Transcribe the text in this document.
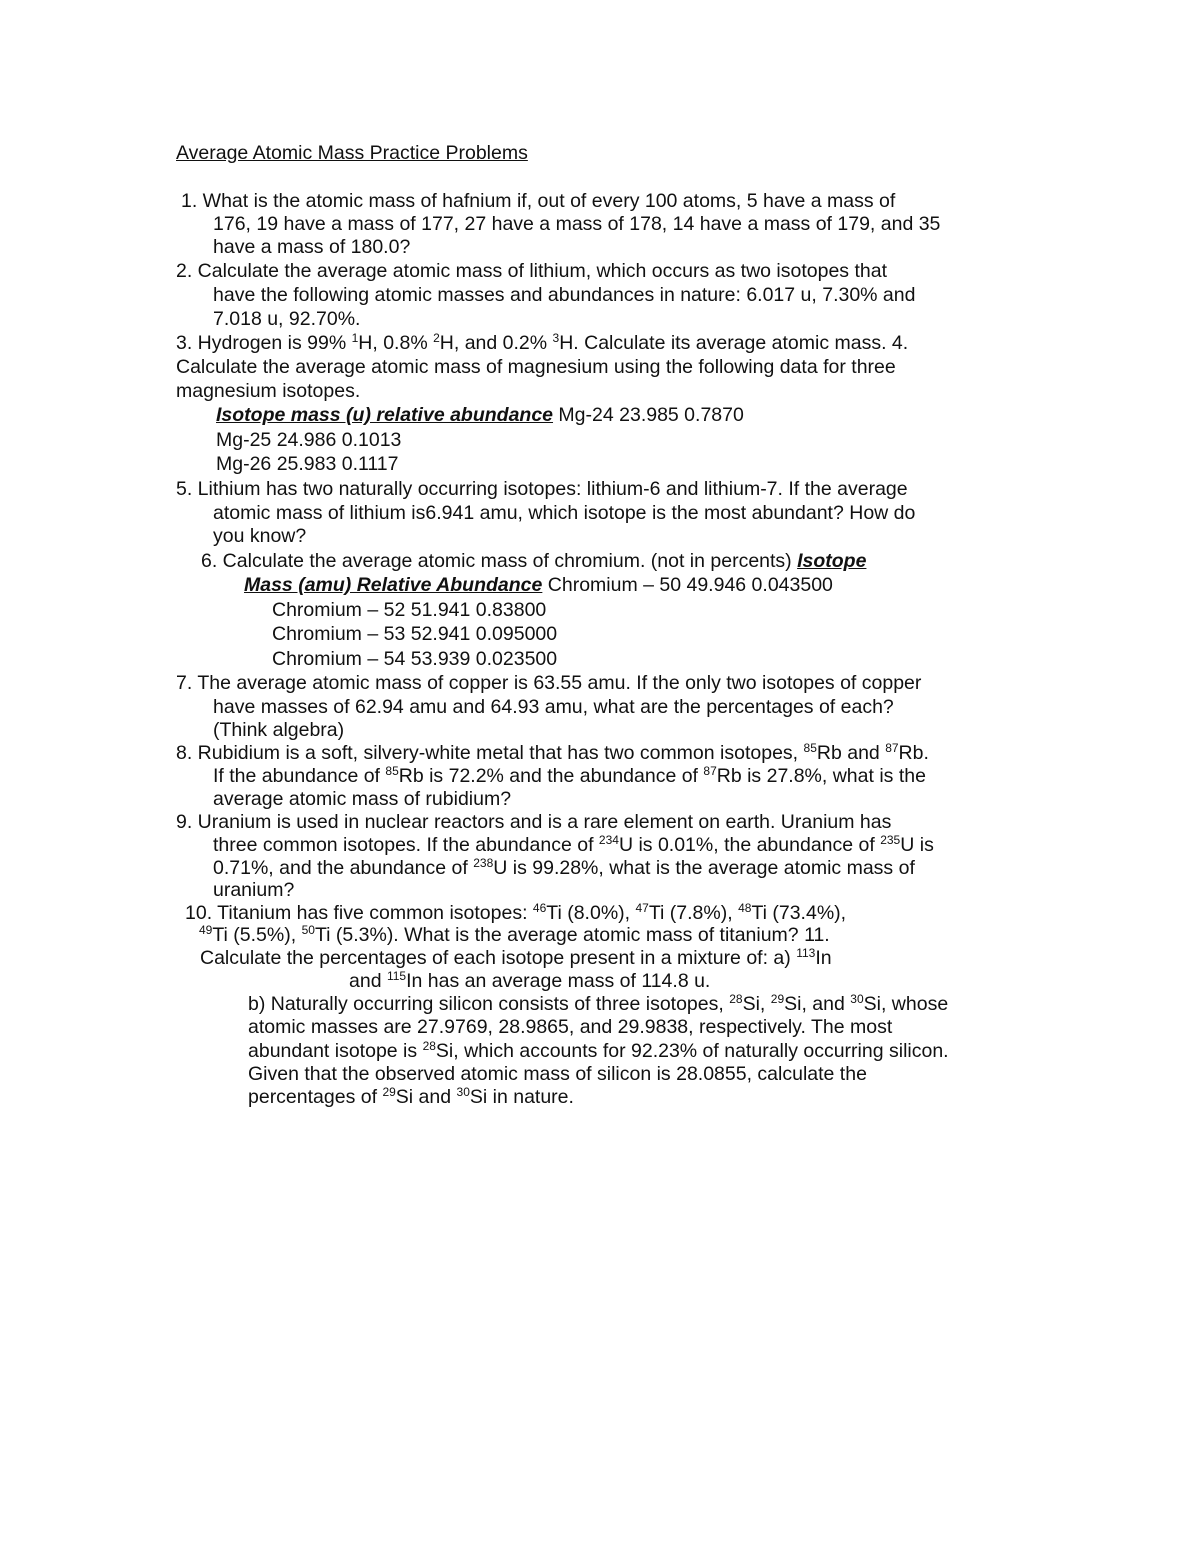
Average Atomic Mass Practice Problems
1. What is the atomic mass of hafnium if, out of every 100 atoms, 5 have a mass of
176, 19 have a mass of 177, 27 have a mass of 178, 14 have a mass of 179, and 35
have a mass of 180.0?
2. Calculate the average atomic mass of lithium, which occurs as two isotopes that
have the following atomic masses and abundances in nature: 6.017 u, 7.30% and
7.018 u, 92.70%.
3. Hydrogen is 99% $^1$H, 0.8% $^2$H, and 0.2% $^3$H. Calculate its average atomic mass. 4.
Calculate the average atomic mass of magnesium using the following data for three
magnesium isotopes.
Isotope mass (u) relative abundance Mg-24 23.985 0.7870
Mg-25 24.986 0.1013
Mg-26 25.983 0.1117
5. Lithium has two naturally occurring isotopes: lithium-6 and lithium-7. If the average
atomic mass of lithium is6.941 amu, which isotope is the most abundant? How do
you know?
6. Calculate the average atomic mass of chromium. (not in percents) Isotope
Mass (amu) Relative Abundance Chromium – 50 49.946 0.043500
Chromium – 52 51.941 0.83800
Chromium – 53 52.941 0.095000
Chromium – 54 53.939 0.023500
7. The average atomic mass of copper is 63.55 amu. If the only two isotopes of copper
have masses of 62.94 amu and 64.93 amu, what are the percentages of each?
(Think algebra)
8. Rubidium is a soft, silvery-white metal that has two common isotopes, $^{85}$Rb and $^{87}$Rb.
If the abundance of $^{85}$Rb is 72.2% and the abundance of $^{87}$Rb is 27.8%, what is the
average atomic mass of rubidium?
9. Uranium is used in nuclear reactors and is a rare element on earth. Uranium has
three common isotopes. If the abundance of $^{234}$U is 0.01%, the abundance of $^{235}$U is
0.71%, and the abundance of $^{238}$U is 99.28%, what is the average atomic mass of
uranium?
10. Titanium has five common isotopes: $^{46}$Ti (8.0%), $^{47}$Ti (7.8%), $^{48}$Ti (73.4%),
$^{49}$Ti (5.5%), $^{50}$Ti (5.3%). What is the average atomic mass of titanium? 11.
Calculate the percentages of each isotope present in a mixture of: a) $^{113}$In
and $^{115}$In has an average mass of 114.8 u.
b) Naturally occurring silicon consists of three isotopes, $^{28}$Si, $^{29}$Si, and $^{30}$Si, whose
atomic masses are 27.9769, 28.9865, and 29.9838, respectively. The most
abundant isotope is $^{28}$Si, which accounts for 92.23% of naturally occurring silicon.
Given that the observed atomic mass of silicon is 28.0855, calculate the
percentages of $^{29}$Si and $^{30}$Si in nature.
